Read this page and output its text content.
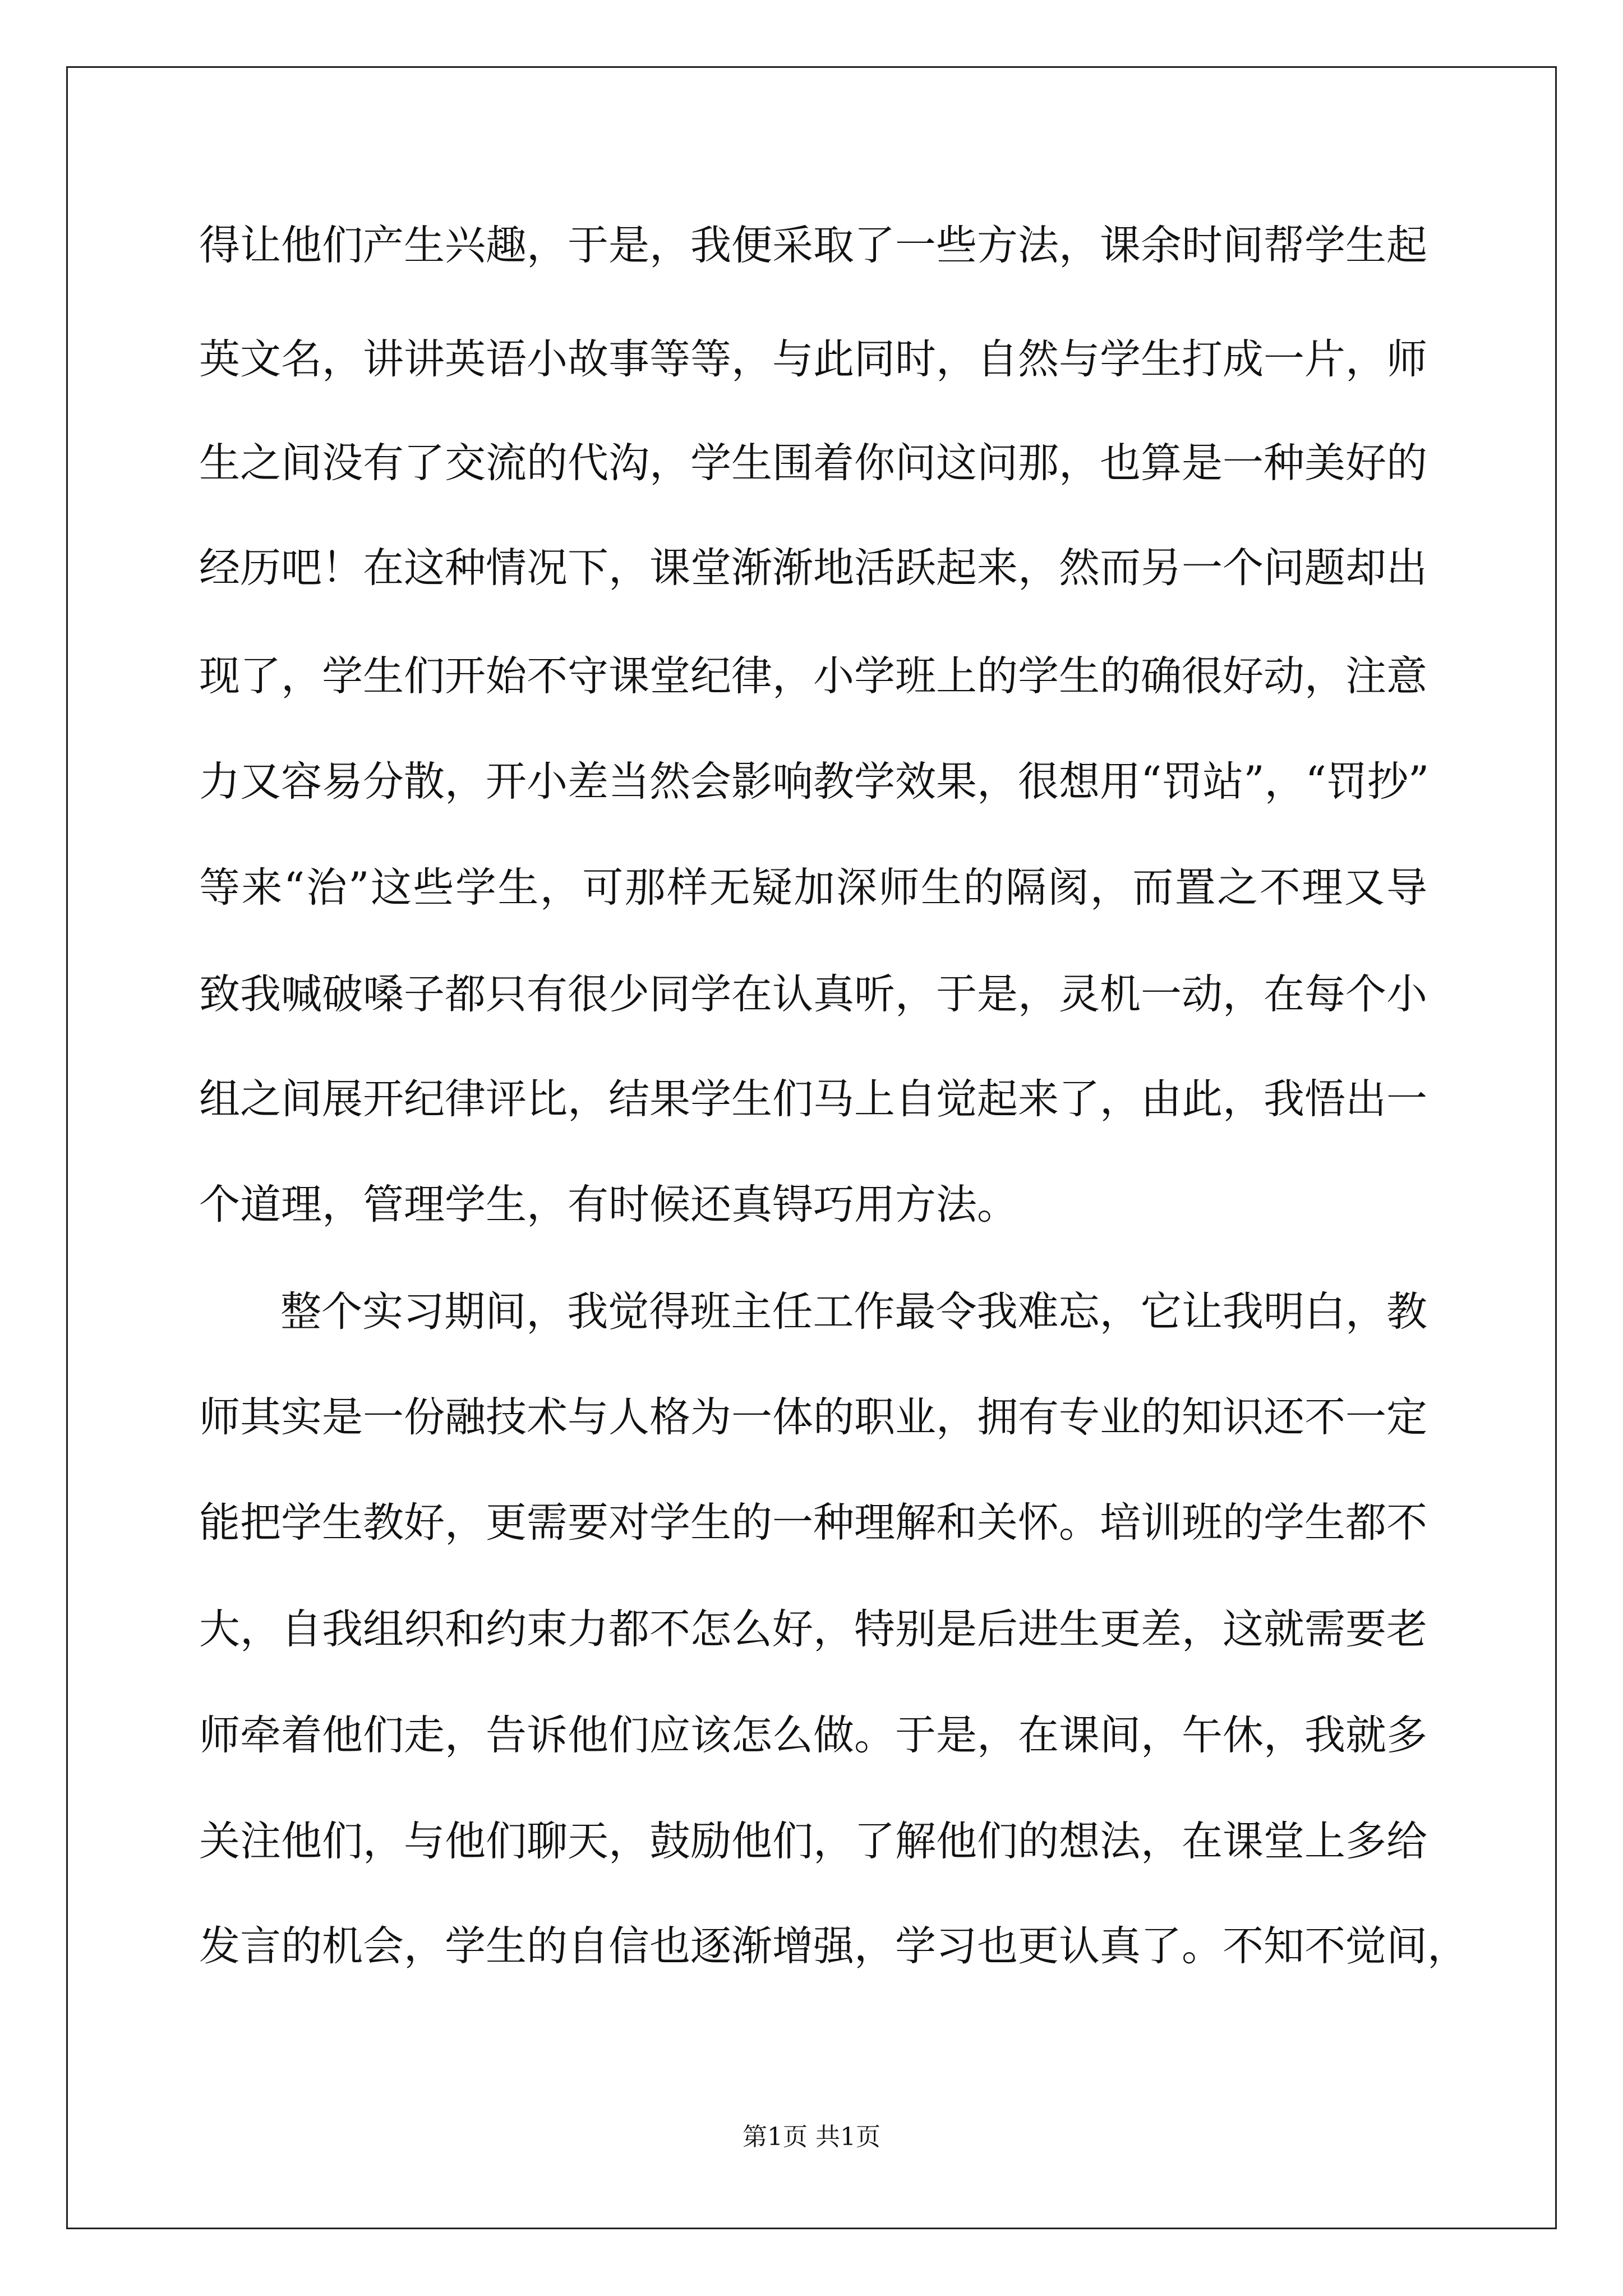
得让他们产生兴趣，于是，我便采取了一些方法，课余时间帮学生起
英文名，讲讲英语小故事等等，与此同时，自然与学生打成一片，师
生之间没有了交流的代沟，学生围着你问这问那，也算是一种美好的
经历吧！在这种情况下，课堂渐渐地活跃起来，然而另一个问题却出
现了，学生们开始不守课堂纪律，小学班上的学生的确很好动，注意
力又容易分散，开小差当然会影响教学效果，很想用“罚站”，“罚抄”
等来“治”这些学生，可那样无疑加深师生的隔阂，而置之不理又导
致我喊破嗓子都只有很少同学在认真听，于是，灵机一动，在每个小
组之间展开纪律评比，结果学生们马上自觉起来了，由此，我悟出一
个道理，管理学生，有时候还真锝巧用方法。
整个实习期间，我觉得班主任工作最令我难忘，它让我明白，教
师其实是一份融技术与人格为一体的职业，拥有专业的知识还不一定
能把学生教好，更需要对学生的一种理解和关怀。培训班的学生都不
大，自我组织和约束力都不怎么好，特别是后进生更差，这就需要老
师牵着他们走，告诉他们应该怎么做。于是，在课间，午休，我就多
关注他们，与他们聊天，鼓励他们，了解他们的想法，在课堂上多给
发言的机会，学生的自信也逐渐增强，学习也更认真了。不知不觉间，
第1页 共1页
